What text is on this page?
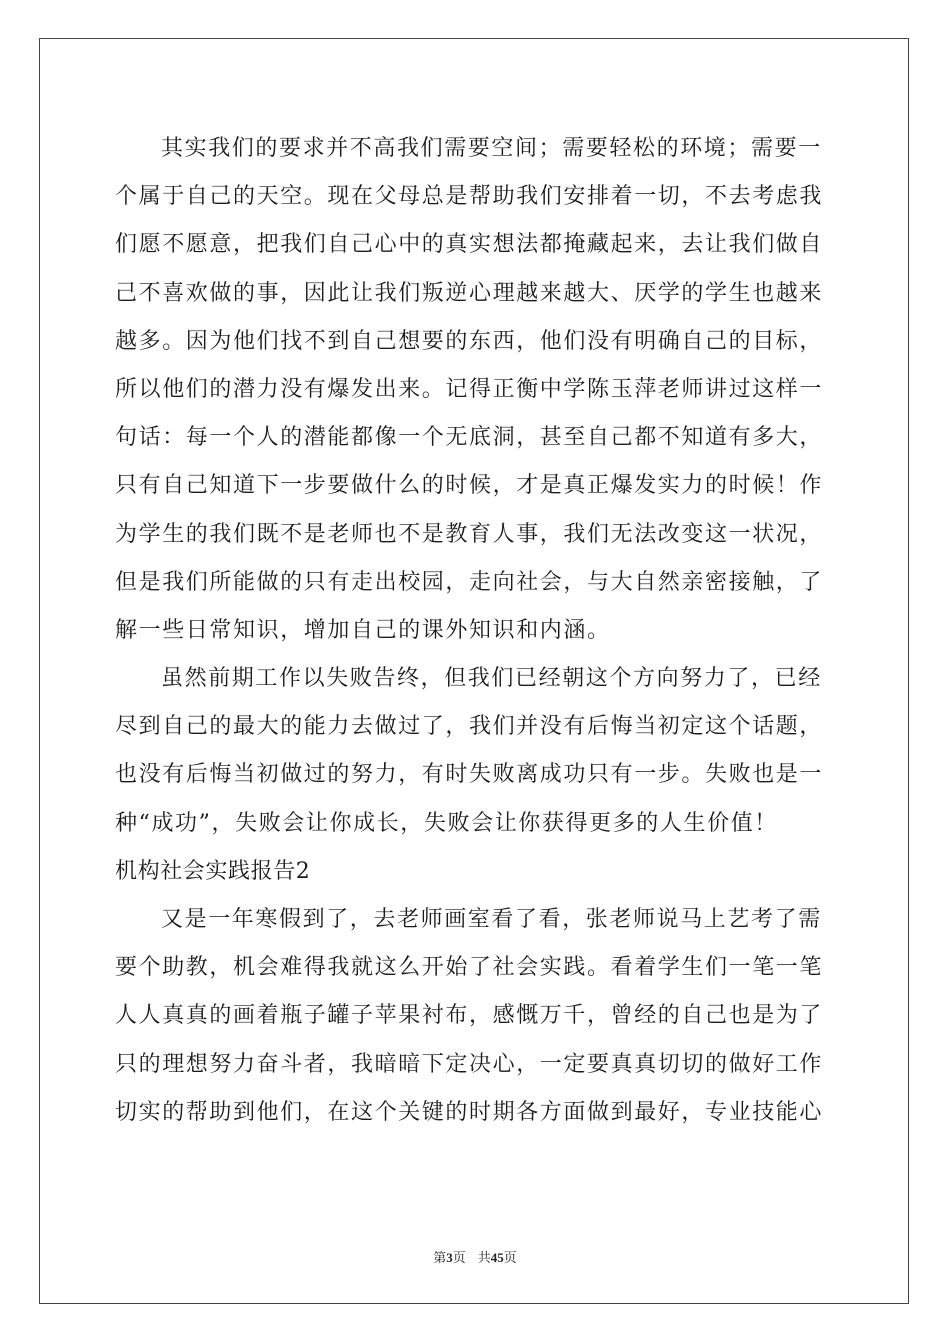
其实我们的要求并不高我们需要空间；需要轻松的环境；需要一
个属于自己的天空。现在父母总是帮助我们安排着一切，不去考虑我
们愿不愿意，把我们自己心中的真实想法都掩藏起来，去让我们做自
己不喜欢做的事，因此让我们叛逆心理越来越大、厌学的学生也越来
越多。因为他们找不到自己想要的东西，他们没有明确自己的目标，
所以他们的潜力没有爆发出来。记得正衡中学陈玉萍老师讲过这样一
句话：每一个人的潜能都像一个无底洞，甚至自己都不知道有多大，
只有自己知道下一步要做什么的时候，才是真正爆发实力的时候！作
为学生的我们既不是老师也不是教育人事，我们无法改变这一状况，
但是我们所能做的只有走出校园，走向社会，与大自然亲密接触，了
解一些日常知识，增加自己的课外知识和内涵。
虽然前期工作以失败告终，但我们已经朝这个方向努力了，已经
尽到自己的最大的能力去做过了，我们并没有后悔当初定这个话题，
也没有后悔当初做过的努力，有时失败离成功只有一步。失败也是一
种“成功”，失败会让你成长，失败会让你获得更多的人生价值！
机构社会实践报告2
又是一年寒假到了，去老师画室看了看，张老师说马上艺考了需
要个助教，机会难得我就这么开始了社会实践。看着学生们一笔一笔
人人真真的画着瓶子罐子苹果衬布，感慨万千，曾经的自己也是为了
只的理想努力奋斗者，我暗暗下定决心，一定要真真切切的做好工作
切实的帮助到他们，在这个关键的时期各方面做到最好，专业技能心
第3页 共45页
